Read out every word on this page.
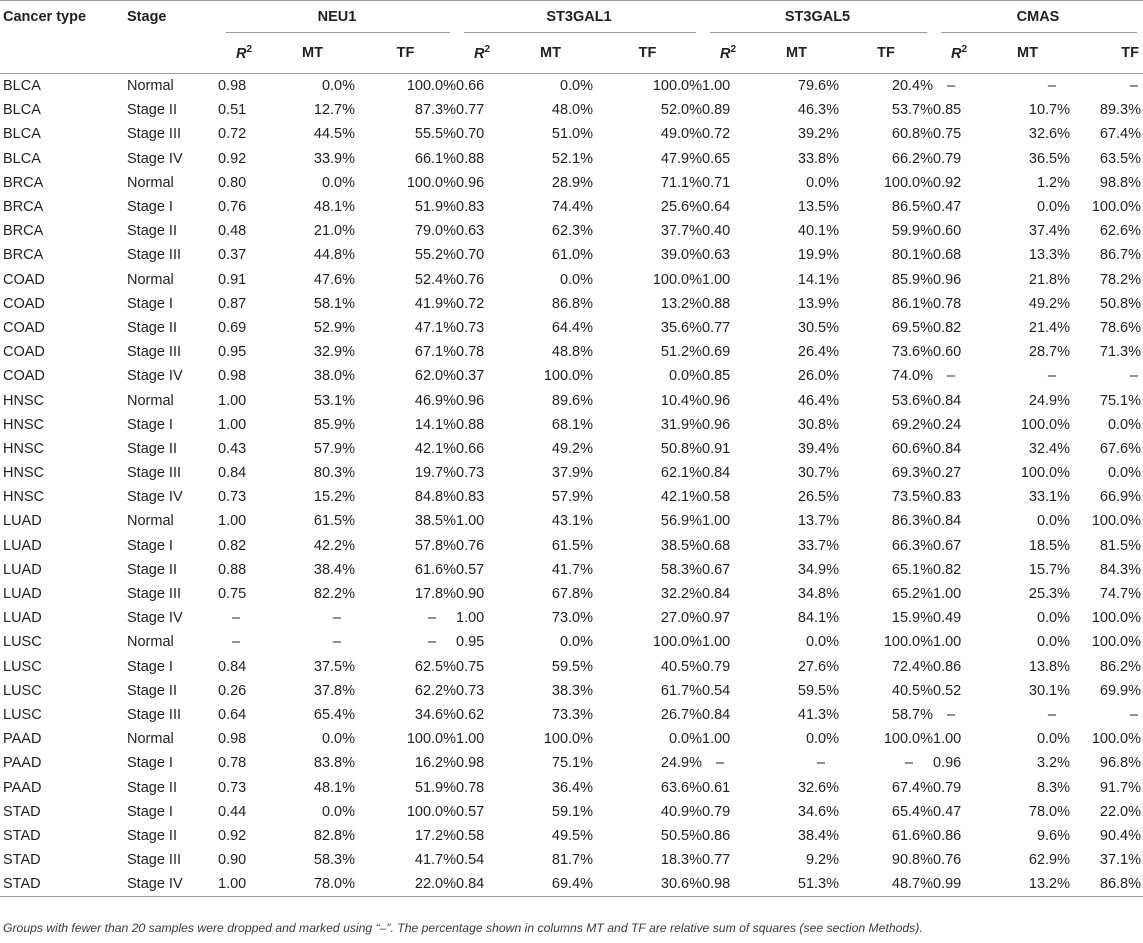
Cancer type	Stage	NEU1			ST3GAL1			ST3GAL5			CMAS		

		$R^2$	MT	TF	$R^2$	MT	TF	$R^2$	MT	TF	$R^2$	MT	TF
BLCA	Normal	0.98	0.0%	100.0%	0.66	0.0%	100.0%	1.00	79.6%	20.4%	–	–	–
BLCA	Stage II	0.51	12.7%	87.3%	0.77	48.0%	52.0%	0.89	46.3%	53.7%	0.85	10.7%	89.3%
BLCA	Stage III	0.72	44.5%	55.5%	0.70	51.0%	49.0%	0.72	39.2%	60.8%	0.75	32.6%	67.4%
BLCA	Stage IV	0.92	33.9%	66.1%	0.88	52.1%	47.9%	0.65	33.8%	66.2%	0.79	36.5%	63.5%
BRCA	Normal	0.80	0.0%	100.0%	0.96	28.9%	71.1%	0.71	0.0%	100.0%	0.92	1.2%	98.8%
BRCA	Stage I	0.76	48.1%	51.9%	0.83	74.4%	25.6%	0.64	13.5%	86.5%	0.47	0.0%	100.0%
BRCA	Stage II	0.48	21.0%	79.0%	0.63	62.3%	37.7%	0.40	40.1%	59.9%	0.60	37.4%	62.6%
BRCA	Stage III	0.37	44.8%	55.2%	0.70	61.0%	39.0%	0.63	19.9%	80.1%	0.68	13.3%	86.7%
COAD	Normal	0.91	47.6%	52.4%	0.76	0.0%	100.0%	1.00	14.1%	85.9%	0.96	21.8%	78.2%
COAD	Stage I	0.87	58.1%	41.9%	0.72	86.8%	13.2%	0.88	13.9%	86.1%	0.78	49.2%	50.8%
COAD	Stage II	0.69	52.9%	47.1%	0.73	64.4%	35.6%	0.77	30.5%	69.5%	0.82	21.4%	78.6%
COAD	Stage III	0.95	32.9%	67.1%	0.78	48.8%	51.2%	0.69	26.4%	73.6%	0.60	28.7%	71.3%
COAD	Stage IV	0.98	38.0%	62.0%	0.37	100.0%	0.0%	0.85	26.0%	74.0%	–	–	–
HNSC	Normal	1.00	53.1%	46.9%	0.96	89.6%	10.4%	0.96	46.4%	53.6%	0.84	24.9%	75.1%
HNSC	Stage I	1.00	85.9%	14.1%	0.88	68.1%	31.9%	0.96	30.8%	69.2%	0.24	100.0%	0.0%
HNSC	Stage II	0.43	57.9%	42.1%	0.66	49.2%	50.8%	0.91	39.4%	60.6%	0.84	32.4%	67.6%
HNSC	Stage III	0.84	80.3%	19.7%	0.73	37.9%	62.1%	0.84	30.7%	69.3%	0.27	100.0%	0.0%
HNSC	Stage IV	0.73	15.2%	84.8%	0.83	57.9%	42.1%	0.58	26.5%	73.5%	0.83	33.1%	66.9%
LUAD	Normal	1.00	61.5%	38.5%	1.00	43.1%	56.9%	1.00	13.7%	86.3%	0.84	0.0%	100.0%
LUAD	Stage I	0.82	42.2%	57.8%	0.76	61.5%	38.5%	0.68	33.7%	66.3%	0.67	18.5%	81.5%
LUAD	Stage II	0.88	38.4%	61.6%	0.57	41.7%	58.3%	0.67	34.9%	65.1%	0.82	15.7%	84.3%
LUAD	Stage III	0.75	82.2%	17.8%	0.90	67.8%	32.2%	0.84	34.8%	65.2%	1.00	25.3%	74.7%
LUAD	Stage IV	–	–	–	1.00	73.0%	27.0%	0.97	84.1%	15.9%	0.49	0.0%	100.0%
LUSC	Normal	–	–	–	0.95	0.0%	100.0%	1.00	0.0%	100.0%	1.00	0.0%	100.0%
LUSC	Stage I	0.84	37.5%	62.5%	0.75	59.5%	40.5%	0.79	27.6%	72.4%	0.86	13.8%	86.2%
LUSC	Stage II	0.26	37.8%	62.2%	0.73	38.3%	61.7%	0.54	59.5%	40.5%	0.52	30.1%	69.9%
LUSC	Stage III	0.64	65.4%	34.6%	0.62	73.3%	26.7%	0.84	41.3%	58.7%	–	–	–
PAAD	Normal	0.98	0.0%	100.0%	1.00	100.0%	0.0%	1.00	0.0%	100.0%	1.00	0.0%	100.0%
PAAD	Stage I	0.78	83.8%	16.2%	0.98	75.1%	24.9%	–	–	–	0.96	3.2%	96.8%
PAAD	Stage II	0.73	48.1%	51.9%	0.78	36.4%	63.6%	0.61	32.6%	67.4%	0.79	8.3%	91.7%
STAD	Stage I	0.44	0.0%	100.0%	0.57	59.1%	40.9%	0.79	34.6%	65.4%	0.47	78.0%	22.0%
STAD	Stage II	0.92	82.8%	17.2%	0.58	49.5%	50.5%	0.86	38.4%	61.6%	0.86	9.6%	90.4%
STAD	Stage III	0.90	58.3%	41.7%	0.54	81.7%	18.3%	0.77	9.2%	90.8%	0.76	62.9%	37.1%
STAD	Stage IV	1.00	78.0%	22.0%	0.84	69.4%	30.6%	0.98	51.3%	48.7%	0.99	13.2%	86.8%

Groups with fewer than 20 samples were dropped and marked using “–”. The percentage shown in columns MT and TF are relative sum of squares (see section Methods).
